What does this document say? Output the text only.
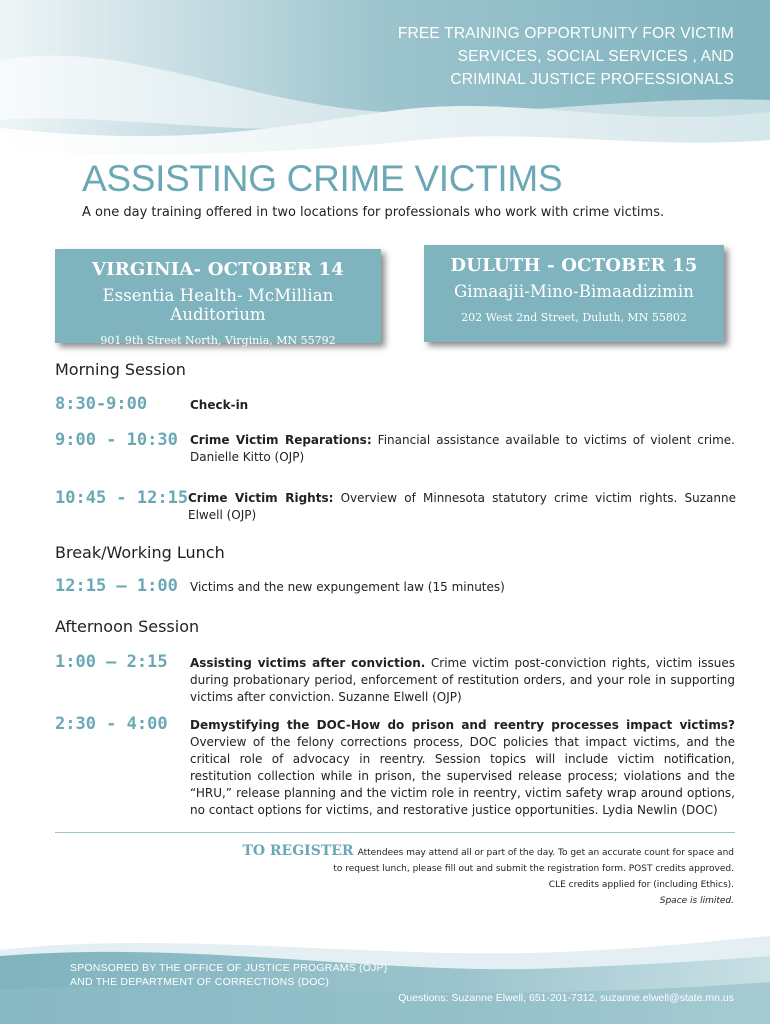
FREE TRAINING OPPORTUNITY FOR VICTIM
SERVICES, SOCIAL SERVICES , AND
CRIMINAL JUSTICE PROFESSIONALS
ASSISTING CRIME VICTIMS
A one day training offered in two locations for professionals who work with crime victims.
VIRGINIA- OCTOBER 14
Essentia Health- McMillian Auditorium
901 9th Street North, Virginia, MN 55792
DULUTH - OCTOBER 15
Gimaajii-Mino-Bimaadizimin
202 West 2nd Street, Duluth, MN 55802
Morning Session
8:30-9:00	Check-in
9:00 - 10:30 Crime Victim Reparations: Financial assistance available to victims of violent crime. Danielle Kitto (OJP)
10:45 - 12:15 Crime Victim Rights: Overview of Minnesota statutory crime victim rights. Suzanne Elwell (OJP)
Break/Working Lunch
12:15 – 1:00 Victims and the new expungement law (15 minutes)
Afternoon Session
1:00 – 2:15 Assisting victims after conviction. Crime victim post-conviction rights, victim issues during probationary period, enforcement of restitution orders, and your role in supporting victims after conviction. Suzanne Elwell (OJP)
2:30 - 4:00 Demystifying the DOC-How do prison and reentry processes impact victims? Overview of the felony corrections process, DOC policies that impact victims, and the critical role of advocacy in reentry. Session topics will include victim notification, restitution collection while in prison, the supervised release process; violations and the “HRU,” release planning and the victim role in reentry, victim safety wrap around options, no contact options for victims, and restorative justice opportunities. Lydia Newlin (DOC)
TO REGISTER Attendees may attend all or part of the day. To get an accurate count for space and
to request lunch, please fill out and submit the registration form. POST credits approved.
CLE credits applied for (including Ethics).
Space is limited.
SPONSORED BY THE OFFICE OF JUSTICE PROGRAMS (OJP)
AND THE DEPARTMENT OF CORRECTIONS (DOC)
Questions: Suzanne Elwell, 651-201-7312, suzanne.elwell@state.mn.us
